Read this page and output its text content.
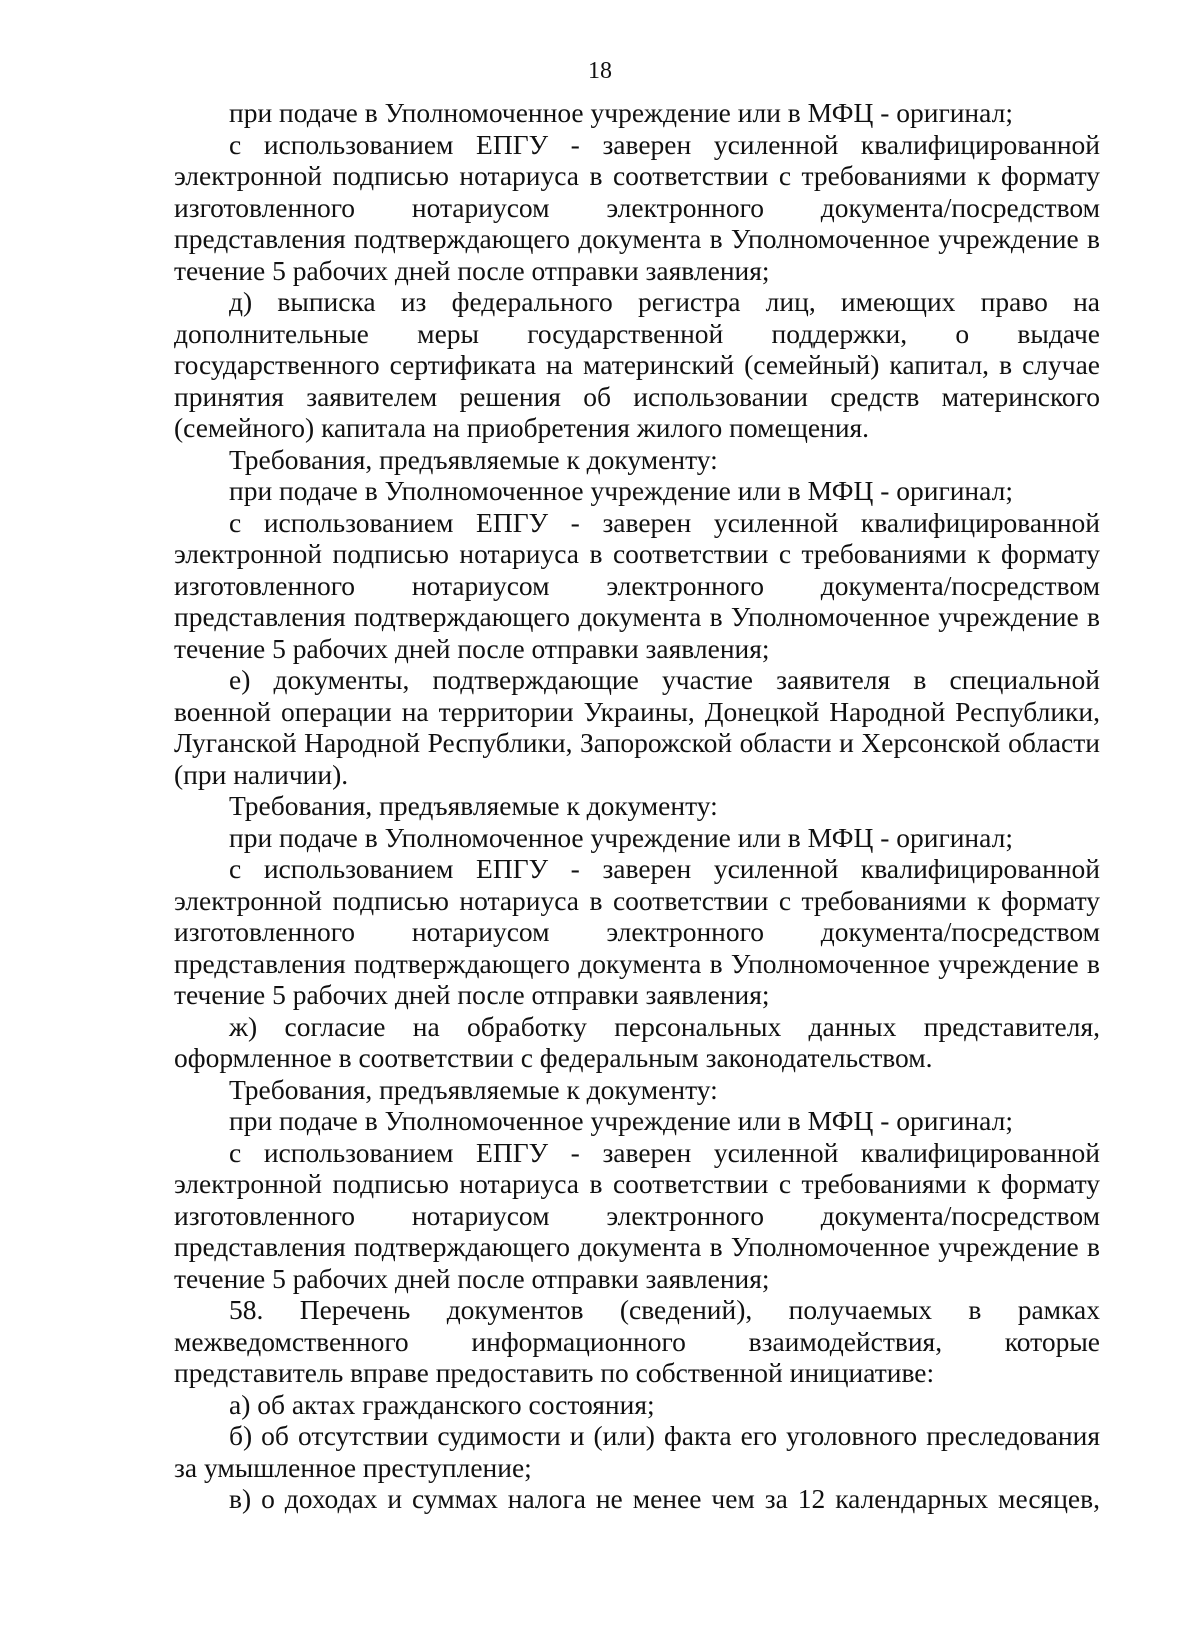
18

при подаче в Уполномоченное учреждение или в МФЦ - оригинал;

с использованием ЕПГУ - заверен усиленной квалифицированной электронной подписью нотариуса в соответствии с требованиями к формату изготовленного нотариусом электронного документа/посредством представления подтверждающего документа в Уполномоченное учреждение в течение 5 рабочих дней после отправки заявления;

д) выписка из федерального регистра лиц, имеющих право на дополнительные меры государственной поддержки, о выдаче государственного сертификата на материнский (семейный) капитал, в случае принятия заявителем решения об использовании средств материнского (семейного) капитала на приобретения жилого помещения.

Требования, предъявляемые к документу:

при подаче в Уполномоченное учреждение или в МФЦ - оригинал;

с использованием ЕПГУ - заверен усиленной квалифицированной электронной подписью нотариуса в соответствии с требованиями к формату изготовленного нотариусом электронного документа/посредством представления подтверждающего документа в Уполномоченное учреждение в течение 5 рабочих дней после отправки заявления;

е) документы, подтверждающие участие заявителя в специальной военной операции на территории Украины, Донецкой Народной Республики, Луганской Народной Республики, Запорожской области и Херсонской области (при наличии).

Требования, предъявляемые к документу:

при подаче в Уполномоченное учреждение или в МФЦ - оригинал;

с использованием ЕПГУ - заверен усиленной квалифицированной электронной подписью нотариуса в соответствии с требованиями к формату изготовленного нотариусом электронного документа/посредством представления подтверждающего документа в Уполномоченное учреждение в течение 5 рабочих дней после отправки заявления;

ж) согласие на обработку персональных данных представителя, оформленное в соответствии с федеральным законодательством.

Требования, предъявляемые к документу:

при подаче в Уполномоченное учреждение или в МФЦ - оригинал;

с использованием ЕПГУ - заверен усиленной квалифицированной электронной подписью нотариуса в соответствии с требованиями к формату изготовленного нотариусом электронного документа/посредством представления подтверждающего документа в Уполномоченное учреждение в течение 5 рабочих дней после отправки заявления;

58. Перечень документов (сведений), получаемых в рамках межведомственного информационного взаимодействия, которые представитель вправе предоставить по собственной инициативе:

а) об актах гражданского состояния;

б) об отсутствии судимости и (или) факта его уголовного преследования за умышленное преступление;

в) о доходах и суммах налога не менее чем за 12 календарных месяцев,
